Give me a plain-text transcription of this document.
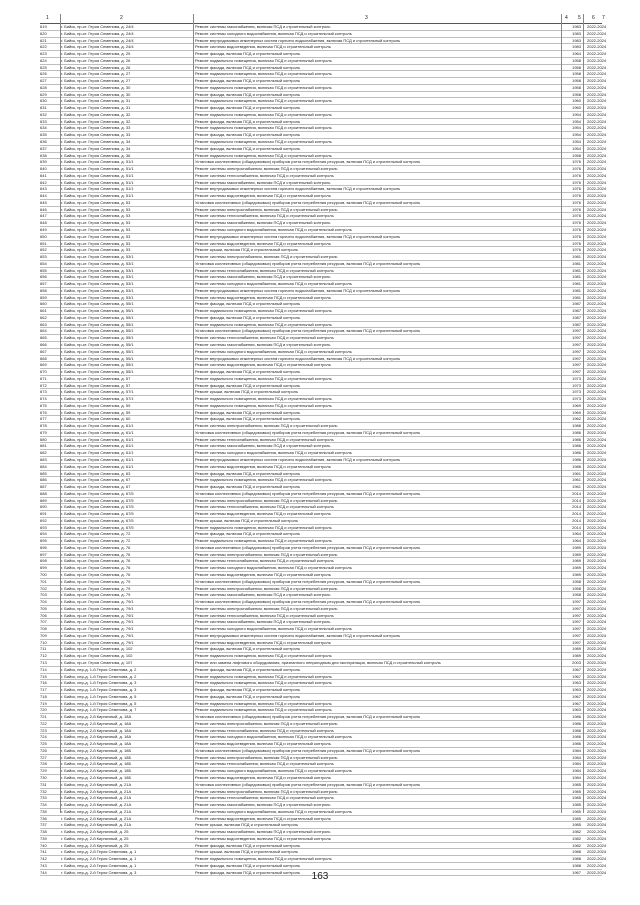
1	2	3	4 5 6 7
619	г. Бийск, пр-кт. Героя Семенова, д. 24/4	Ремонт системы газоснабжения, включая ПСД и строительный контроль	1983 2022-2024
620	г. Бийск, пр-кт. Героя Семенова, д. 24/4	Ремонт системы холодного водоснабжения, включая ПСД и строительный контроль	1983 2022-2024
621	г. Бийск, пр-кт. Героя Семенова, д. 24/4	Ремонт внутридомовых инженерных систем горячего водоснабжения, включая ПСД и строительный контроль	1983 2022-2024
622	г. Бийск, пр-кт. Героя Семенова, д. 24/4	Ремонт системы водоотведения, включая ПСД и строительный контроль	1983 2022-2024
623	г. Бийск, пр-кт. Героя Семенова, д. 25	Ремонт фасада, включая ПСД и строительный контроль	1964 2022-2024
624	г. Бийск, пр-кт. Героя Семенова, д. 26	Ремонт подвального помещения, включая ПСД и строительный контроль	1958 2022-2024
625	г. Бийск, пр-кт. Героя Семенова, д. 26	Ремонт фасада, включая ПСД и строительный контроль	1958 2022-2024
626	г. Бийск, пр-кт. Героя Семенова, д. 27	Ремонт подвального помещения, включая ПСД и строительный контроль	1958 2022-2024
627	г. Бийск, пр-кт. Героя Семенова, д. 27	Ремонт фасада, включая ПСД и строительный контроль	1958 2022-2024
628	г. Бийск, пр-кт. Героя Семенова, д. 30	Ремонт подвального помещения, включая ПСД и строительный контроль	1958 2022-2024
629	г. Бийск, пр-кт. Героя Семенова, д. 30	Ремонт фасада, включая ПСД и строительный контроль	1958 2022-2024
630	г. Бийск, пр-кт. Героя Семенова, д. 31	Ремонт подвального помещения, включая ПСД и строительный контроль	1960 2022-2024
631	г. Бийск, пр-кт. Героя Семенова, д. 31	Ремонт фасада, включая ПСД и строительный контроль	1960 2022-2024
632	г. Бийск, пр-кт. Героя Семенова, д. 32	Ремонт подвального помещения, включая ПСД и строительный контроль	1954 2022-2024
633	г. Бийск, пр-кт. Героя Семенова, д. 32	Ремонт фасада, включая ПСД и строительный контроль	1954 2022-2024
634	г. Бийск, пр-кт. Героя Семенова, д. 33	Ремонт подвального помещения, включая ПСД и строительный контроль	1954 2022-2024
635	г. Бийск, пр-кт. Героя Семенова, д. 33	Ремонт фасада, включая ПСД и строительный контроль	1954 2022-2024
636	г. Бийск, пр-кт. Героя Семенова, д. 34	Ремонт подвального помещения, включая ПСД и строительный контроль	1954 2022-2024
637	г. Бийск, пр-кт. Героя Семенова, д. 34	Ремонт фасада, включая ПСД и строительный контроль	1954 2022-2024
638	г. Бийск, пр-кт. Героя Семенова, д. 36	Ремонт подвального помещения, включая ПСД и строительный контроль	1958 2022-2024
639	г. Бийск, пр-кт. Героя Семенова, д. 51/1	Установка коллективных (общедомовых) приборов учета потребления ресурсов, включая ПСД и строительный контроль	1976 2022-2024
640	г. Бийск, пр-кт. Героя Семенова, д. 51/1	Ремонт системы электроснабжения, включая ПСД и строительный контроль	1976 2022-2024
641	г. Бийск, пр-кт. Героя Семенова, д. 51/1	Ремонт системы теплоснабжения, включая ПСД и строительный контроль	1976 2022-2024
642	г. Бийск, пр-кт. Героя Семенова, д. 51/1	Ремонт системы газоснабжения, включая ПСД и строительный контроль	1976 2022-2024
643	г. Бийск, пр-кт. Героя Семенова, д. 51/1	Ремонт внутридомовых инженерных систем горячего водоснабжения, включая ПСД и строительный контроль	1976 2022-2024
644	г. Бийск, пр-кт. Героя Семенова, д. 51/1	Ремонт системы водоотведения, включая ПСД и строительный контроль	1976 2022-2024
645	г. Бийск, пр-кт. Героя Семенова, д. 53	Установка коллективных (общедомовых) приборов учета потребления ресурсов, включая ПСД и строительный контроль	1976 2022-2024
646	г. Бийск, пр-кт. Героя Семенова, д. 53	Ремонт системы электроснабжения, включая ПСД и строительный контроль	1976 2022-2024
647	г. Бийск, пр-кт. Героя Семенова, д. 53	Ремонт системы теплоснабжения, включая ПСД и строительный контроль	1976 2022-2024
648	г. Бийск, пр-кт. Героя Семенова, д. 53	Ремонт системы газоснабжения, включая ПСД и строительный контроль	1976 2022-2024
649	г. Бийск, пр-кт. Героя Семенова, д. 53	Ремонт системы холодного водоснабжения, включая ПСД и строительный контроль	1976 2022-2024
650	г. Бийск, пр-кт. Героя Семенова, д. 53	Ремонт внутридомовых инженерных систем горячего водоснабжения, включая ПСД и строительный контроль	1976 2022-2024
651	г. Бийск, пр-кт. Героя Семенова, д. 53	Ремонт системы водоотведения, включая ПСД и строительный контроль	1976 2022-2024
652	г. Бийск, пр-кт. Героя Семенова, д. 53	Ремонт крыши, включая ПСД и строительный контроль	1976 2022-2024
653	г. Бийск, пр-кт. Героя Семенова, д. 53/1	Ремонт системы электроснабжения, включая ПСД и строительный контроль	1981 2022-2024
654	г. Бийск, пр-кт. Героя Семенова, д. 53/1	Установка коллективных (общедомовых) приборов учета потребления ресурсов, включая ПСД и строительный контроль	1981 2022-2024
655	г. Бийск, пр-кт. Героя Семенова, д. 53/1	Ремонт системы теплоснабжения, включая ПСД и строительный контроль	1981 2022-2024
656	г. Бийск, пр-кт. Героя Семенова, д. 53/1	Ремонт системы газоснабжения, включая ПСД и строительный контроль	1981 2022-2024
657	г. Бийск, пр-кт. Героя Семенова, д. 53/1	Ремонт системы холодного водоснабжения, включая ПСД и строительный контроль	1981 2022-2024
658	г. Бийск, пр-кт. Героя Семенова, д. 53/1	Ремонт внутридомовых инженерных систем горячего водоснабжения, включая ПСД и строительный контроль	1981 2022-2024
659	г. Бийск, пр-кт. Героя Семенова, д. 53/1	Ремонт системы водоотведения, включая ПСД и строительный контроль	1981 2022-2024
660	г. Бийск, пр-кт. Героя Семенова, д. 55/1	Ремонт фасада, включая ПСД и строительный контроль	1987 2022-2024
661	г. Бийск, пр-кт. Героя Семенова, д. 55/1	Ремонт подвального помещения, включая ПСД и строительный контроль	1987 2022-2024
662	г. Бийск, пр-кт. Героя Семенова, д. 55/1	Ремонт фасада, включая ПСД и строительный контроль	1987 2022-2024
663	г. Бийск, пр-кт. Героя Семенова, д. 55/1	Ремонт подвального помещения, включая ПСД и строительный контроль	1987 2022-2024
664	г. Бийск, пр-кт. Героя Семенова, д. 55/1	Установка коллективных (общедомовых) приборов учета потребления ресурсов, включая ПСД и строительный контроль	1997 2022-2024
665	г. Бийск, пр-кт. Героя Семенова, д. 55/1	Ремонт системы теплоснабжения, включая ПСД и строительный контроль	1997 2022-2024
666	г. Бийск, пр-кт. Героя Семенова, д. 55/1	Ремонт системы газоснабжения, включая ПСД и строительный контроль	1997 2022-2024
667	г. Бийск, пр-кт. Героя Семенова, д. 55/1	Ремонт системы холодного водоснабжения, включая ПСД и строительный контроль	1997 2022-2024
668	г. Бийск, пр-кт. Героя Семенова, д. 55/1	Ремонт внутридомовых инженерных систем горячего водоснабжения, включая ПСД и строительный контроль	1997 2022-2024
669	г. Бийск, пр-кт. Героя Семенова, д. 55/1	Ремонт системы водоотведения, включая ПСД и строительный контроль	1997 2022-2024
670	г. Бийск, пр-кт. Героя Семенова, д. 55/1	Ремонт фасада, включая ПСД и строительный контроль	1997 2022-2024
671	г. Бийск, пр-кт. Героя Семенова, д. 57	Ремонт подвального помещения, включая ПСД и строительный контроль	1973 2022-2024
672	г. Бийск, пр-кт. Героя Семенова, д. 57	Ремонт фасада, включая ПСД и строительный контроль	1973 2022-2024
673	г. Бийск, пр-кт. Героя Семенова, д. 57/1	Ремонт крыши, включая ПСД и строительный контроль	1973 2022-2024
674	г. Бийск, пр-кт. Героя Семенова, д. 57/1	Ремонт подвального помещения, включая ПСД и строительный контроль	1973 2022-2024
675	г. Бийск, пр-кт. Героя Семенова, д. 59	Ремонт подвального помещения, включая ПСД и строительный контроль	1969 2022-2024
676	г. Бийск, пр-кт. Героя Семенова, д. 59	Ремонт фасада, включая ПСД и строительный контроль	1969 2022-2024
677	г. Бийск, пр-кт. Героя Семенова, д. 60	Ремонт фасада, включая ПСД и строительный контроль	1962 2022-2024
678	г. Бийск, пр-кт. Героя Семенова, д. 61/1	Ремонт системы электроснабжения, включая ПСД и строительный контроль	1986 2022-2024
679	г. Бийск, пр-кт. Героя Семенова, д. 61/1	Установка коллективных (общедомовых) приборов учета потребления ресурсов, включая ПСД и строительный контроль	1986 2022-2024
680	г. Бийск, пр-кт. Героя Семенова, д. 61/1	Ремонт системы теплоснабжения, включая ПСД и строительный контроль	1986 2022-2024
681	г. Бийск, пр-кт. Героя Семенова, д. 61/1	Ремонт системы газоснабжения, включая ПСД и строительный контроль	1986 2022-2024
682	г. Бийск, пр-кт. Героя Семенова, д. 61/1	Ремонт системы холодного водоснабжения, включая ПСД и строительный контроль	1986 2022-2024
683	г. Бийск, пр-кт. Героя Семенова, д. 61/1	Ремонт внутридомовых инженерных систем горячего водоснабжения, включая ПСД и строительный контроль	1986 2022-2024
684	г. Бийск, пр-кт. Героя Семенова, д. 61/1	Ремонт системы водоотведения, включая ПСД и строительный контроль	1986 2022-2024
685	г. Бийск, пр-кт. Героя Семенова, д. 63	Ремонт фасада, включая ПСД и строительный контроль	1961 2022-2024
686	г. Бийск, пр-кт. Героя Семенова, д. 67	Ремонт подвального помещения, включая ПСД и строительный контроль	1961 2022-2024
687	г. Бийск, пр-кт. Героя Семенова, д. 67	Ремонт фасада, включая ПСД и строительный контроль	1961 2022-2024
688	г. Бийск, пр-кт. Героя Семенова, д. 67/5	Установка коллективных (общедомовых) приборов учета потребления ресурсов, включая ПСД и строительный контроль	2014 2022-2024
689	г. Бийск, пр-кт. Героя Семенова, д. 67/5	Ремонт системы электроснабжения, включая ПСД и строительный контроль	2014 2022-2024
690	г. Бийск, пр-кт. Героя Семенова, д. 67/5	Ремонт системы теплоснабжения, включая ПСД и строительный контроль	2014 2022-2024
691	г. Бийск, пр-кт. Героя Семенова, д. 67/5	Ремонт системы водоотведения, включая ПСД и строительный контроль	2014 2022-2024
692	г. Бийск, пр-кт. Героя Семенова, д. 67/5	Ремонт крыши, включая ПСД и строительный контроль	2014 2022-2024
693	г. Бийск, пр-кт. Героя Семенова, д. 67/5	Ремонт подвального помещения, включая ПСД и строительный контроль	2014 2022-2024
694	г. Бийск, пр-кт. Героя Семенова, д. 72	Ремонт фасада, включая ПСД и строительный контроль	1964 2022-2024
695	г. Бийск, пр-кт. Героя Семенова, д. 72	Ремонт подвального помещения, включая ПСД и строительный контроль	1964 2022-2024
696	г. Бийск, пр-кт. Героя Семенова, д. 76	Установка коллективных (общедомовых) приборов учета потребления ресурсов, включая ПСД и строительный контроль	1989 2022-2024
697	г. Бийск, пр-кт. Героя Семенова, д. 76	Ремонт системы электроснабжения, включая ПСД и строительный контроль	1989 2022-2024
698	г. Бийск, пр-кт. Героя Семенова, д. 76	Ремонт системы теплоснабжения, включая ПСД и строительный контроль	1989 2022-2024
699	г. Бийск, пр-кт. Героя Семенова, д. 76	Ремонт системы холодного водоснабжения, включая ПСД и строительный контроль	1989 2022-2024
700	г. Бийск, пр-кт. Героя Семенова, д. 76	Ремонт системы водоотведения, включая ПСД и строительный контроль	1989 2022-2024
701	г. Бийск, пр-кт. Героя Семенова, д. 79	Установка коллективных (общедомовых) приборов учета потребления ресурсов, включая ПСД и строительный контроль	1958 2022-2024
702	г. Бийск, пр-кт. Героя Семенова, д. 79	Ремонт системы электроснабжения, включая ПСД и строительный контроль	1958 2022-2024
703	г. Бийск, пр-кт. Героя Семенова, д. 79	Ремонт системы газоснабжения, включая ПСД и строительный контроль	1958 2022-2024
704	г. Бийск, пр-кт. Героя Семенова, д. 79/1	Установка коллективных (общедомовых) приборов учета потребления ресурсов, включая ПСД и строительный контроль	1997 2022-2024
705	г. Бийск, пр-кт. Героя Семенова, д. 79/1	Ремонт системы электроснабжения, включая ПСД и строительный контроль	1997 2022-2024
706	г. Бийск, пр-кт. Героя Семенова, д. 79/1	Ремонт системы теплоснабжения, включая ПСД и строительный контроль	1997 2022-2024
707	г. Бийск, пр-кт. Героя Семенова, д. 79/1	Ремонт системы газоснабжения, включая ПСД и строительный контроль	1997 2022-2024
708	г. Бийск, пр-кт. Героя Семенова, д. 79/1	Ремонт системы холодного водоснабжения, включая ПСД и строительный контроль	1997 2022-2024
709	г. Бийск, пр-кт. Героя Семенова, д. 79/1	Ремонт внутридомовых инженерных систем горячего водоснабжения, включая ПСД и строительный контроль	1997 2022-2024
710	г. Бийск, пр-кт. Героя Семенова, д. 79/1	Ремонт системы водоотведения, включая ПСД и строительный контроль	1997 2022-2024
711	г. Бийск, пр-кт. Героя Семенова, д. 102	Ремонт фасада, включая ПСД и строительный контроль	1989 2022-2024
712	г. Бийск, пр-кт. Героя Семенова, д. 102	Ремонт подвального помещения, включая ПСД и строительный контроль	1989 2022-2024
713	г. Бийск, пр-кт. Героя Семенова, д. 107	Ремонт или замена лифтового оборудования, признанного непригодным для эксплуатации, включая ПСД и строительный контроль	2003 2022-2024
714	г. Бийск, пер-д. 1-й Героя Семенова, д. 2	Ремонт фасада, включая ПСД и строительный контроль	1967 2022-2024
715	г. Бийск, пер-д. 1-й Героя Семенова, д. 2	Ремонт подвального помещения, включая ПСД и строительный контроль	1967 2022-2024
716	г. Бийск, пер-д. 1-й Героя Семенова, д. 3	Ремонт подвального помещения, включая ПСД и строительный контроль	1963 2022-2024
717	г. Бийск, пер-д. 1-й Героя Семенова, д. 3	Ремонт фасада, включая ПСД и строительный контроль	1963 2022-2024
718	г. Бийск, пер-д. 1-й Героя Семенова, д. 5	Ремонт фасада, включая ПСД и строительный контроль	1967 2022-2024
719	г. Бийск, пер-д. 1-й Героя Семенова, д. 5	Ремонт подвального помещения, включая ПСД и строительный контроль	1967 2022-2024
720	г. Бийск, пер-д. 1-й Героя Семенова, д. 7	Ремонт подвального помещения, включая ПСД и строительный контроль	1963 2022-2024
721	г. Бийск, пер-д. 2-й Кирпичный, д. 18А	Установка коллективных (общедомовых) приборов учета потребления ресурсов, включая ПСД и строительный контроль	1986 2022-2024
722	г. Бийск, пер-д. 2-й Кирпичный, д. 18А	Ремонт системы электроснабжения, включая ПСД и строительный контроль	1986 2022-2024
723	г. Бийск, пер-д. 2-й Кирпичный, д. 18А	Ремонт системы теплоснабжения, включая ПСД и строительный контроль	1986 2022-2024
724	г. Бийск, пер-д. 2-й Кирпичный, д. 18А	Ремонт системы холодного водоснабжения, включая ПСД и строительный контроль	1986 2022-2024
725	г. Бийск, пер-д. 2-й Кирпичный, д. 18А	Ремонт системы водоотведения, включая ПСД и строительный контроль	1986 2022-2024
726	г. Бийск, пер-д. 2-й Кирпичный, д. 18Б	Установка коллективных (общедомовых) приборов учета потребления ресурсов, включая ПСД и строительный контроль	1984 2022-2024
727	г. Бийск, пер-д. 2-й Кирпичный, д. 18Б	Ремонт системы электроснабжения, включая ПСД и строительный контроль	1984 2022-2024
728	г. Бийск, пер-д. 2-й Кирпичный, д. 18Б	Ремонт системы теплоснабжения, включая ПСД и строительный контроль	1984 2022-2024
729	г. Бийск, пер-д. 2-й Кирпичный, д. 18Б	Ремонт системы холодного водоснабжения, включая ПСД и строительный контроль	1984 2022-2024
730	г. Бийск, пер-д. 2-й Кирпичный, д. 18Б	Ремонт системы водоотведения, включая ПСД и строительный контроль	1984 2022-2024
731	г. Бийск, пер-д. 2-й Кирпичный, д. 21А	Установка коллективных (общедомовых) приборов учета потребления ресурсов, включая ПСД и строительный контроль	1985 2022-2024
732	г. Бийск, пер-д. 2-й Кирпичный, д. 21А	Ремонт системы электроснабжения, включая ПСД и строительный контроль	1985 2022-2024
733	г. Бийск, пер-д. 2-й Кирпичный, д. 21А	Ремонт системы теплоснабжения, включая ПСД и строительный контроль	1985 2022-2024
734	г. Бийск, пер-д. 2-й Кирпичный, д. 21А	Ремонт системы газоснабжения, включая ПСД и строительный контроль	1985 2022-2024
735	г. Бийск, пер-д. 2-й Кирпичный, д. 21А	Ремонт системы холодного водоснабжения, включая ПСД и строительный контроль	1985 2022-2024
736	г. Бийск, пер-д. 2-й Кирпичный, д. 21А	Ремонт системы водоотведения, включая ПСД и строительный контроль	1985 2022-2024
737	г. Бийск, пер-д. 2-й Кирпичный, д. 21А	Ремонт крыши, включая ПСД и строительный контроль	1985 2022-2024
738	г. Бийск, пер-д. 2-й Кирпичный, д. 25	Ремонт системы газоснабжения, включая ПСД и строительный контроль	1982 2022-2024
739	г. Бийск, пер-д. 2-й Кирпичный, д. 25	Ремонт системы водоотведения, включая ПСД и строительный контроль	1982 2022-2024
740	г. Бийск, пер-д. 2-й Кирпичный, д. 25	Ремонт фасада, включая ПСД и строительный контроль	1982 2022-2024
741	г. Бийск, пер-д. 2-й Героя Семенова, д. 1	Ремонт крыши, включая ПСД и строительный контроль	1988 2022-2024
742	г. Бийск, пер-д. 2-й Героя Семенова, д. 1	Ремонт подвального помещения, включая ПСД и строительный контроль	1988 2022-2024
743	г. Бийск, пер-д. 2-й Героя Семенова, д. 1	Ремонт фасада, включая ПСД и строительный контроль	1988 2022-2024
744	г. Бийск, пер-д. 2-й Героя Семенова, д. 3	Ремонт фасада, включая ПСД и строительный контроль	1967 2022-2024
163
